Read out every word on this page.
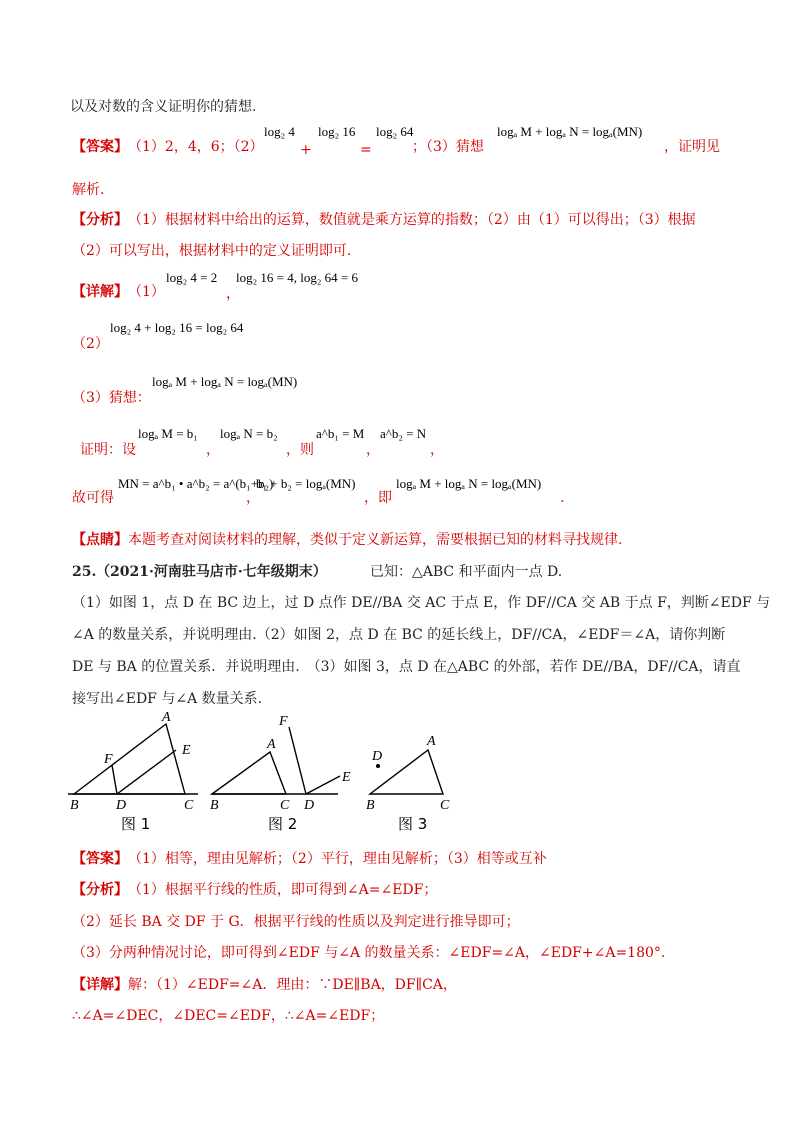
以及对数的含义证明你的猜想.
【答案】 （1）2，4，6；（2）
log₂ 4
+
log₂ 16
=
log₂ 64
；（3）猜想
logₐ M + logₐ N = logₐ(MN)
，证明见
解析.
【分析】 （1）根据材料中给出的运算，数值就是乘方运算的指数；（2）由（1）可以得出；（3）根据
（2）可以写出，根据材料中的定义证明即可.
【详解】 （1）
log₂ 4 = 2
，
log₂ 16 = 4, log₂ 64 = 6
log₂ 4 + log₂ 16 = log₂ 64
（2）
logₐ M + logₐ N = logₐ(MN)
（3）猜想：
证明：设
logₐ M = b₁
，
logₐ N = b₂
，则
a^b₁ = M
，
a^b₂ = N
，
故可得
MN = a^b₁ • a^b₂ = a^(b₁+b₂)
，
b₁ + b₂ = logₐ(MN)
，即
logₐ M + logₐ N = logₐ(MN)
.
【点睛】 本题考查对阅读材料的理解，类似于定义新运算，需要根据已知的材料寻找规律.
25. （2021·河南驻马店市·七年级期末）	已知：△ABC 和平面内一点 D.
（1）如图 1，点 D 在 BC 边上，过 D 点作 DE//BA 交 AC 于点 E，作 DF//CA 交 AB 于点 F，判断∠EDF 与
∠A 的数量关系，并说明理由.（2）如图 2，点 D 在 BC 的延长线上，DF//CA，∠EDF＝∠A，请你判断
DE 与 BA 的位置关系．并说明理由.　（3）如图 3，点 D 在△ABC 的外部，若作 DE//BA，DF//CA，请直
接写出∠EDF 与∠A 数量关系.
A
E
F
B	D	C
A
F
E
B	C D
A
D
B	C
图 1	图 2	图 3
【答案】 （1）相等，理由见解析；（2）平行，理由见解析；（3）相等或互补
【分析】 （1）根据平行线的性质，即可得到∠A=∠EDF；
（2）延长 BA 交 DF 于 G．根据平行线的性质以及判定进行推导即可；
（3）分两种情况讨论，即可得到∠EDF 与∠A 的数量关系：∠EDF=∠A，∠EDF+∠A=180°.
【详解】 解：（1）∠EDF=∠A．理由：∵DE∥BA，DF∥CA，
∴∠A=∠DEC，∠DEC=∠EDF，∴∠A=∠EDF；
